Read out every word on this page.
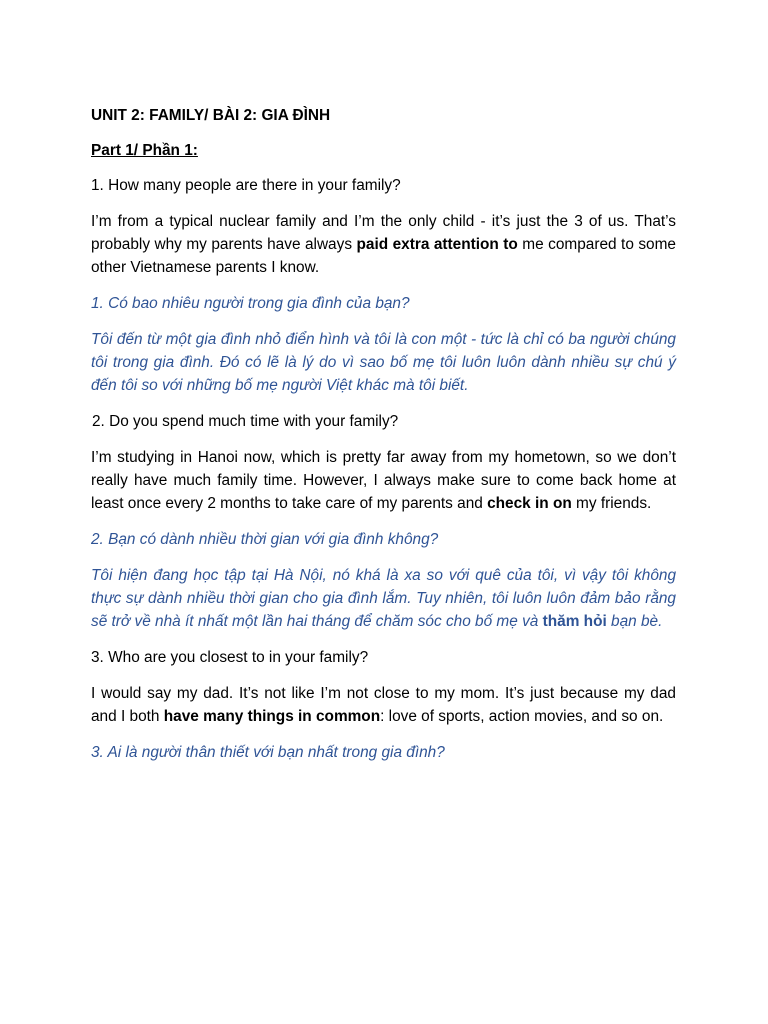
UNIT 2: FAMILY/ BÀI 2: GIA ĐÌNH
Part 1/ Phần 1:
1. How many people are there in your family?
I’m from a typical nuclear family and I’m the only child - it’s just the 3 of us. That’s probably why my parents have always paid extra attention to me compared to some other Vietnamese parents I know.
1. Có bao nhiêu người trong gia đình của bạn?
Tôi đến từ một gia đình nhỏ điển hình và tôi là con một - tức là chỉ có ba người chúng tôi trong gia đình. Đó có lẽ là lý do vì sao bố mẹ tôi luôn luôn dành nhiều sự chú ý đến tôi so với những bố mẹ người Việt khác mà tôi biết.
2. Do you spend much time with your family?
I’m studying in Hanoi now, which is pretty far away from my hometown, so we don’t really have much family time. However, I always make sure to come back home at least once every 2 months to take care of my parents and check in on my friends.
2. Bạn có dành nhiều thời gian với gia đình không?
Tôi hiện đang học tập tại Hà Nội, nó khá là xa so với quê của tôi, vì vậy tôi không thực sự dành nhiều thời gian cho gia đình lắm. Tuy nhiên, tôi luôn luôn đảm bảo rằng sẽ trở về nhà ít nhất một lần hai tháng để chăm sóc cho bố mẹ và thăm hỏi bạn bè.
3. Who are you closest to in your family?
I would say my dad. It’s not like I’m not close to my mom. It’s just because my dad and I both have many things in common: love of sports, action movies, and so on.
3. Ai là người thân thiết với bạn nhất trong gia đình?
